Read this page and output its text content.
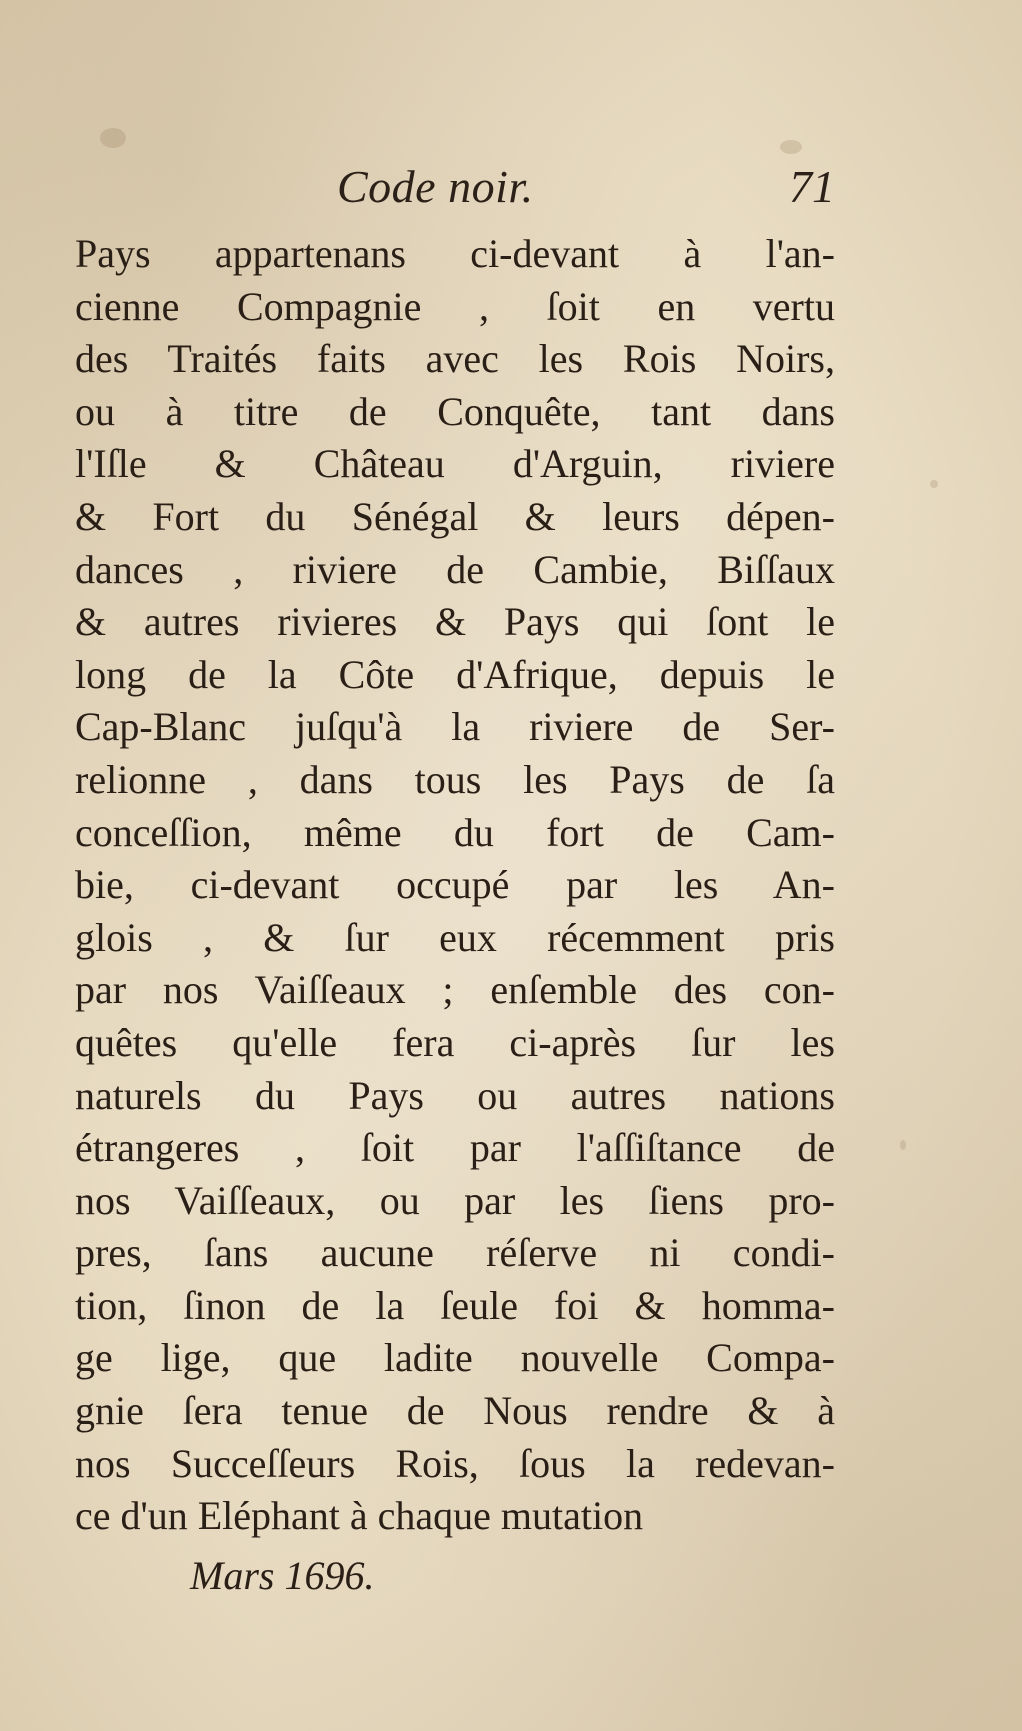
Code noir.	71
Pays appartenans ci-devant à l'an-
cienne Compagnie , ſoit en vertu
des Traités faits avec les Rois Noirs,
ou à titre de Conquête, tant dans
l'Iſle & Château d'Arguin, riviere
& Fort du Sénégal & leurs dépen-
dances , riviere de Cambie, Biſſaux
& autres rivieres & Pays qui ſont le
long de la Côte d'Afrique, depuis le
Cap-Blanc juſqu'à la riviere de Ser-
relionne , dans tous les Pays de ſa
conceſſion, même du fort de Cam-
bie, ci-devant occupé par les An-
glois , & ſur eux récemment pris
par nos Vaiſſeaux ; enſemble des con-
quêtes qu'elle fera ci-après ſur les
naturels du Pays ou autres nations
étrangeres , ſoit par l'aſſiſtance de
nos Vaiſſeaux, ou par les ſiens pro-
pres, ſans aucune réſerve ni condi-
tion, ſinon de la ſeule foi & homma-
ge lige, que ladite nouvelle Compa-
gnie ſera tenue de Nous rendre & à
nos Succeſſeurs Rois, ſous la redevan-
ce d'un Eléphant à chaque mutation
Mars 1696.
